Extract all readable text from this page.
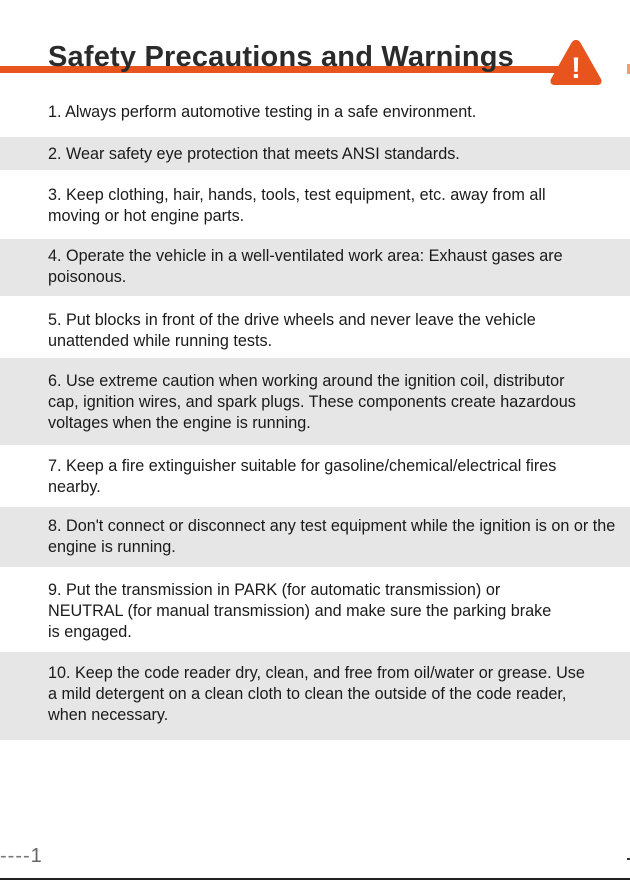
Safety Precautions and Warnings !

1. Always perform automotive testing in a safe environment.

2. Wear safety eye protection that meets ANSI standards.

3. Keep clothing, hair, hands, tools, test equipment, etc. away from all moving or hot engine parts.

4. Operate the vehicle in a well-ventilated work area: Exhaust gases are poisonous.

5. Put blocks in front of the drive wheels and never leave the vehicle unattended while running tests.

6. Use extreme caution when working around the ignition coil, distributor cap, ignition wires, and spark plugs. These components create hazardous voltages when the engine is running.

7. Keep a fire extinguisher suitable for gasoline/chemical/electrical fires nearby.

8. Don't connect or disconnect any test equipment while the ignition is on or the engine is running.

9. Put the transmission in PARK (for automatic transmission) or NEUTRAL (for manual transmission) and make sure the parking brake is engaged.

10. Keep the code reader dry, clean, and free from oil/water or grease. Use a mild detergent on a clean cloth to clean the outside of the code reader, when necessary.

----1
